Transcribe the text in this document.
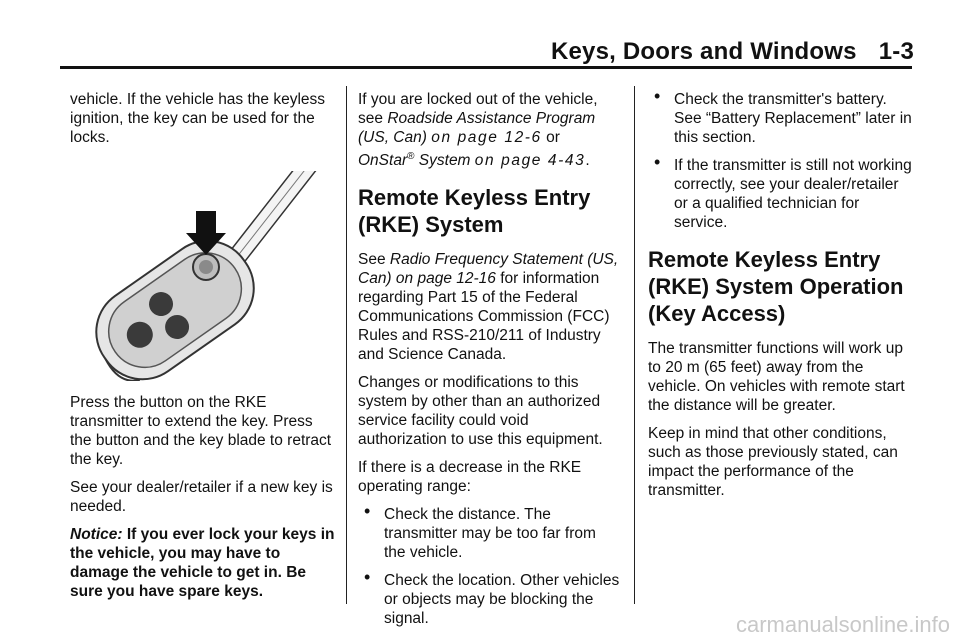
Keys, Doors and Windows 1-3

vehicle. If the vehicle has the keyless ignition, the key can be used for the locks.

Press the button on the RKE transmitter to extend the key. Press the button and the key blade to retract the key.

See your dealer/retailer if a new key is needed.

Notice: If you ever lock your keys in the vehicle, you may have to damage the vehicle to get in. Be sure you have spare keys.

If you are locked out of the vehicle, see Roadside Assistance Program (US, Can) on page 12-6 or
OnStar® System on page 4-43.

Remote Keyless Entry (RKE) System

See Radio Frequency Statement (US, Can) on page 12-16 for information regarding Part 15 of the Federal Communications Commission (FCC) Rules and RSS-210/211 of Industry and Science Canada.

Changes or modifications to this system by other than an authorized service facility could void authorization to use this equipment.

If there is a decrease in the RKE operating range:

• Check the distance. The transmitter may be too far from the vehicle.
• Check the location. Other vehicles or objects may be blocking the signal.
• Check the transmitter's battery. See “Battery Replacement” later in this section.
• If the transmitter is still not working correctly, see your dealer/retailer or a qualified technician for service.
Remote Keyless Entry (RKE) System Operation (Key Access)

The transmitter functions will work up to 20 m (65 feet) away from the vehicle. On vehicles with remote start the distance will be greater.

Keep in mind that other conditions, such as those previously stated, can impact the performance of the transmitter.

carmanualsonline.info
